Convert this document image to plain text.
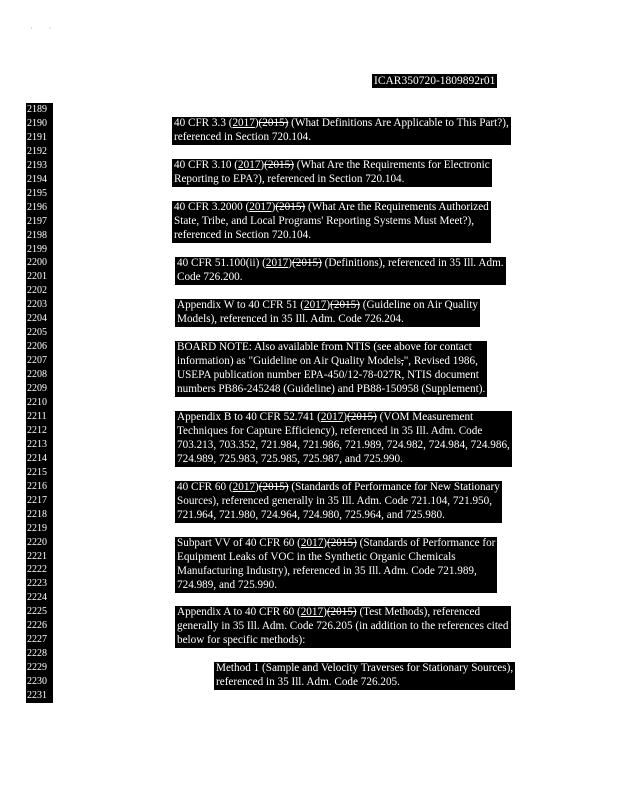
·        ·
ICAR350720-1809892r01
2189
2190
2191
2192
2193
2194
2195
2196
2197
2198
2199
2200
2201
2202
2203
2204
2205
2206
2207
2208
2209
2210
2211
2212
2213
2214
2215
2216
2217
2218
2219
2220
2221
2222
2223
2224
2225
2226
2227
2228
2229
2230
2231
40 CFR 3.3 (2017)(2015) (What Definitions Are Applicable to This Part?),
referenced in Section 720.104.
40 CFR 3.10 (2017)(2015) (What Are the Requirements for Electronic
Reporting to EPA?), referenced in Section 720.104.
40 CFR 3.2000 (2017)(2015) (What Are the Requirements Authorized
State, Tribe, and Local Programs' Reporting Systems Must Meet?),
referenced in Section 720.104.
40 CFR 51.100(ii) (2017)(2015) (Definitions), referenced in 35 Ill. Adm.
Code 726.200.
Appendix W to 40 CFR 51 (2017)(2015) (Guideline on Air Quality
Models), referenced in 35 Ill. Adm. Code 726.204.
BOARD NOTE: Also available from NTIS (see above for contact
information) as "Guideline on Air Quality Models,", Revised 1986,
USEPA publication number EPA-450/12-78-027R, NTIS document
numbers PB86-245248 (Guideline) and PB88-150958 (Supplement).
Appendix B to 40 CFR 52.741 (2017)(2015) (VOM Measurement
Techniques for Capture Efficiency), referenced in 35 Ill. Adm. Code
703.213, 703.352, 721.984, 721.986, 721.989, 724.982, 724.984, 724.986,
724.989, 725.983, 725.985, 725.987, and 725.990.
40 CFR 60 (2017)(2015) (Standards of Performance for New Stationary
Sources), referenced generally in 35 Ill. Adm. Code 721.104, 721.950,
721.964, 721.980, 724.964, 724.980, 725.964, and 725.980.
Subpart VV of 40 CFR 60 (2017)(2015) (Standards of Performance for
Equipment Leaks of VOC in the Synthetic Organic Chemicals
Manufacturing Industry), referenced in 35 Ill. Adm. Code 721.989,
724.989, and 725.990.
Appendix A to 40 CFR 60 (2017)(2015) (Test Methods), referenced
generally in 35 Ill. Adm. Code 726.205 (in addition to the references cited
below for specific methods):
Method 1 (Sample and Velocity Traverses for Stationary Sources),
referenced in 35 Ill. Adm. Code 726.205.
